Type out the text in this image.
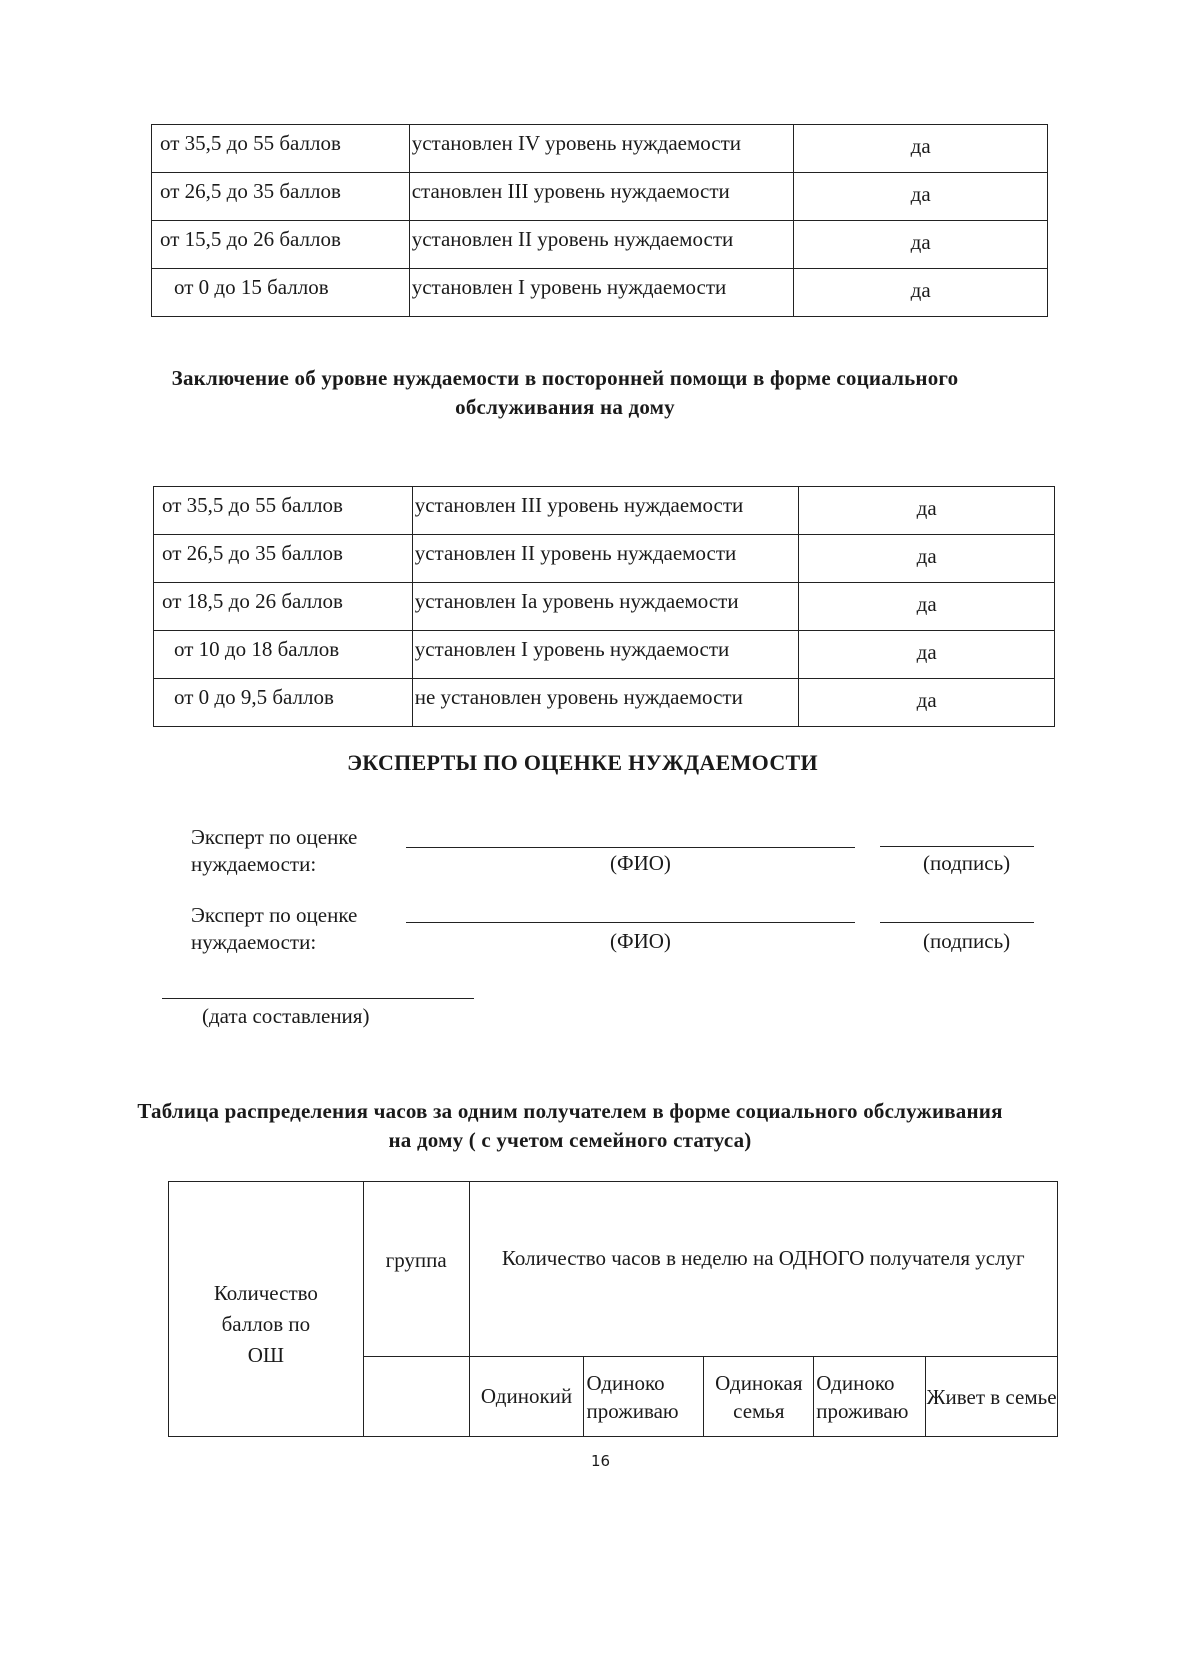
от 35,5 до 55 баллов	установлен IV уровень нуждаемости	да
от 26,5 до 35 баллов	становлен III уровень нуждаемости	да
от 15,5 до 26 баллов	установлен II уровень нуждаемости	да
от 0 до 15 баллов	установлен I уровень нуждаемости	да
Заключение об уровне нуждаемости в посторонней помощи в форме социального
обслуживания на дому
от 35,5 до 55 баллов	установлен III уровень нуждаемости	да
от 26,5 до 35 баллов	установлен II уровень нуждаемости	да
от 18,5 до 26 баллов	установлен Iа уровень нуждаемости	да
от 10 до 18 баллов	установлен I уровень нуждаемости	да
от 0 до 9,5 баллов	не установлен уровень нуждаемости	да
ЭКСПЕРТЫ ПО ОЦЕНКЕ НУЖДАЕМОСТИ
Эксперт по оценке
нуждаемости:	(ФИО)	(подпись)
Эксперт по оценке
нуждаемости:	(ФИО)	(подпись)
(дата составления)
Таблица распределения часов за одним получателем в форме социального обслуживания
на дому ( с учетом семейного статуса)
Количество баллов по ОШ	группа	Количество часов в неделю на ОДНОГО получателя услуг				
		Одинокий	Одиноко проживаю	Одинокая семья	Одиноко проживаю	Живет в семье
16
